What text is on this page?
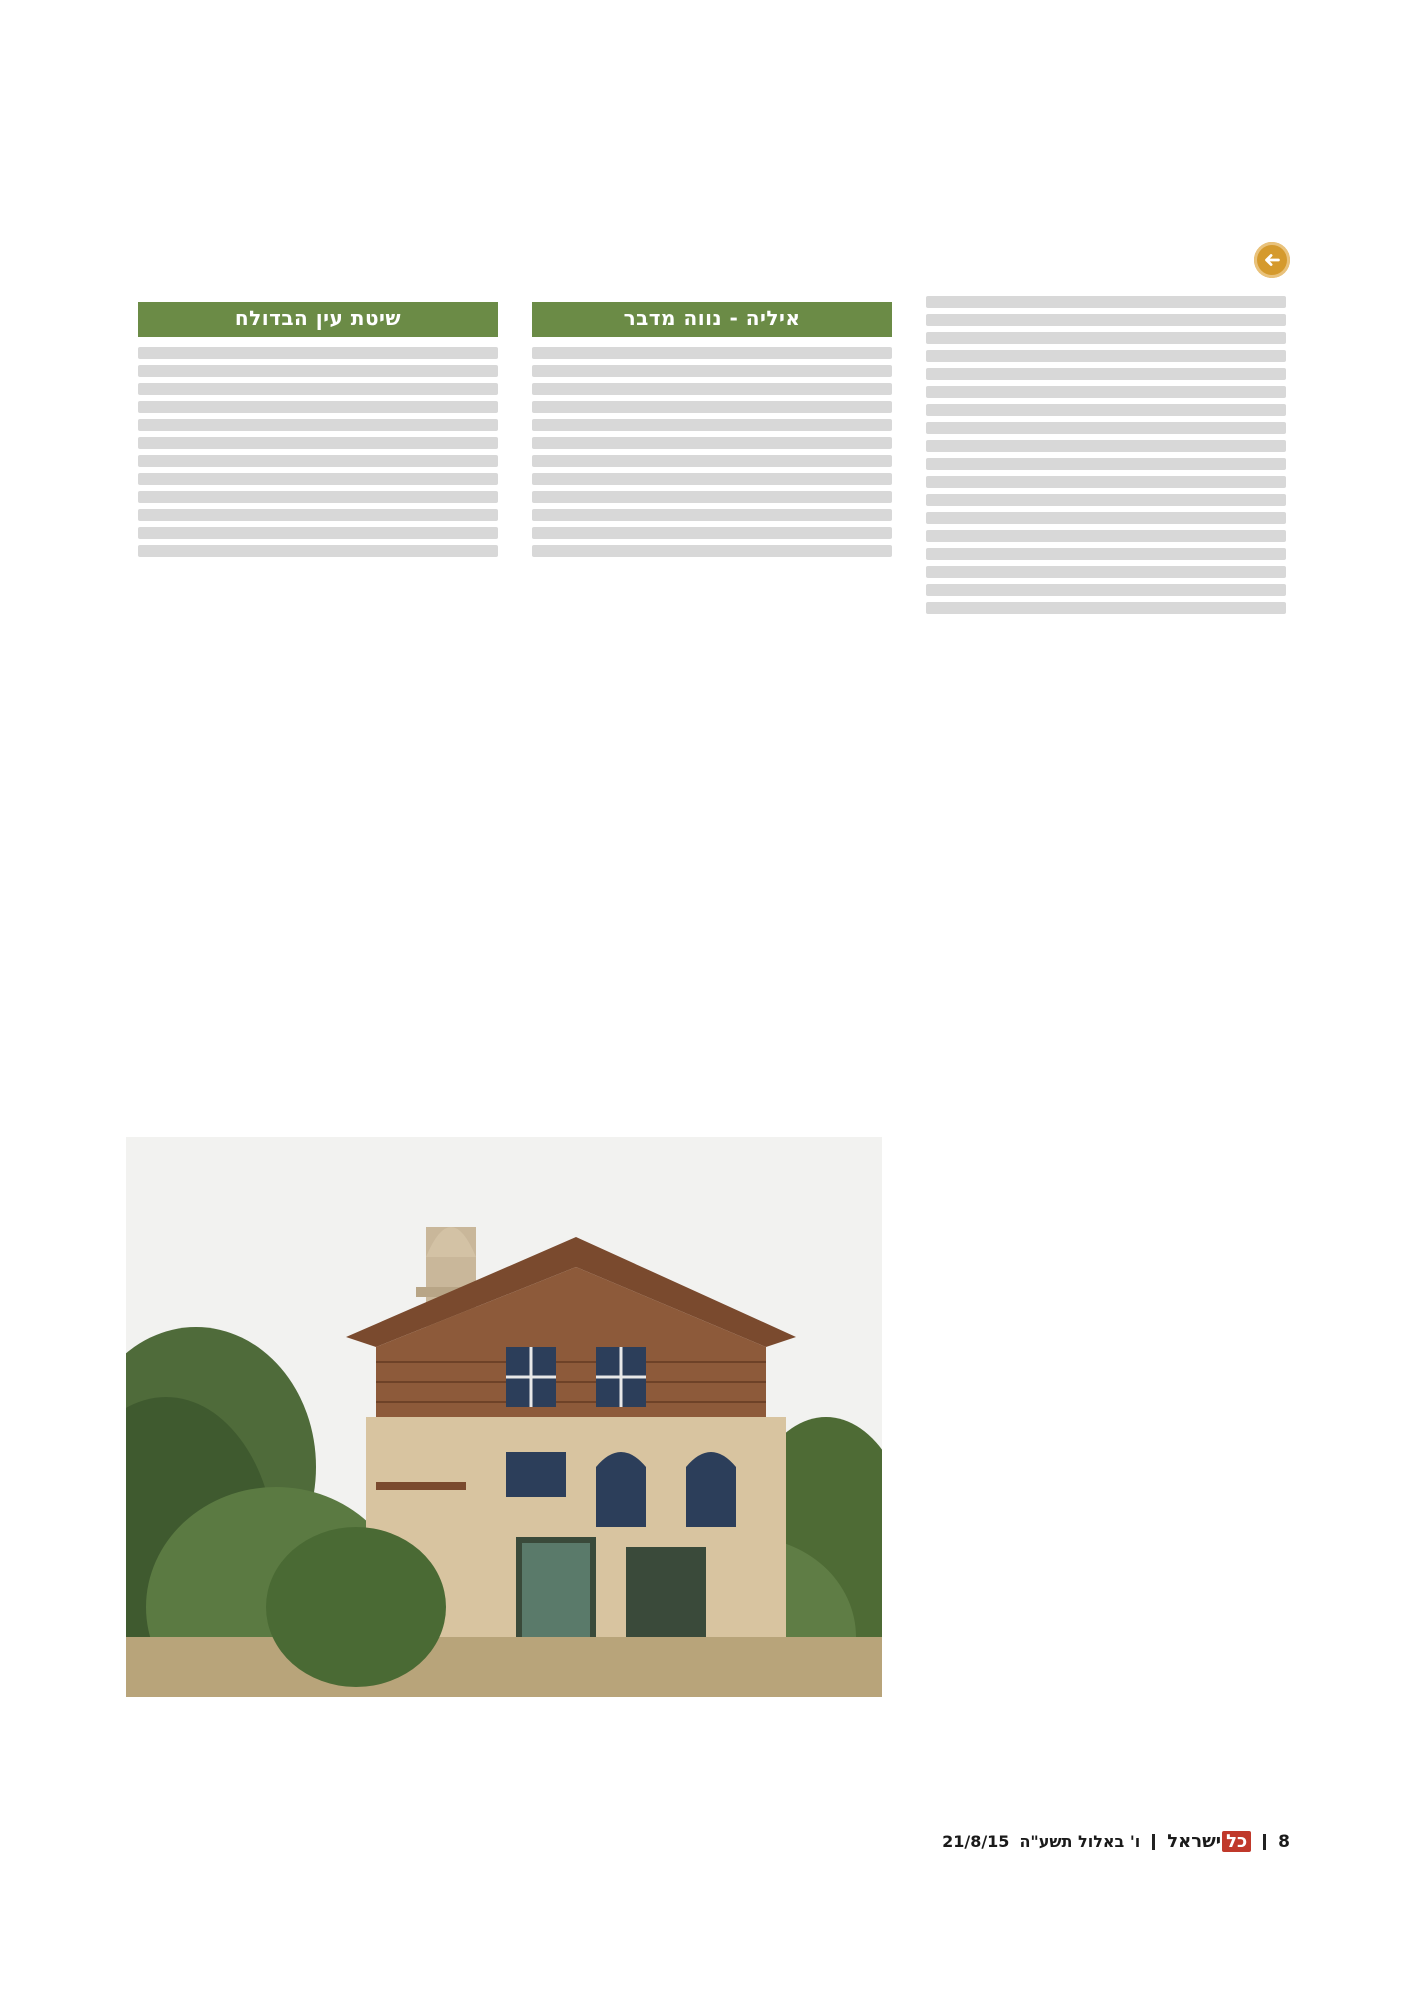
איליה - נווה מדבר
שיטת עין הבדולח
8
כל
ישראל
ו' באלול תשע"ה
21/8/15
